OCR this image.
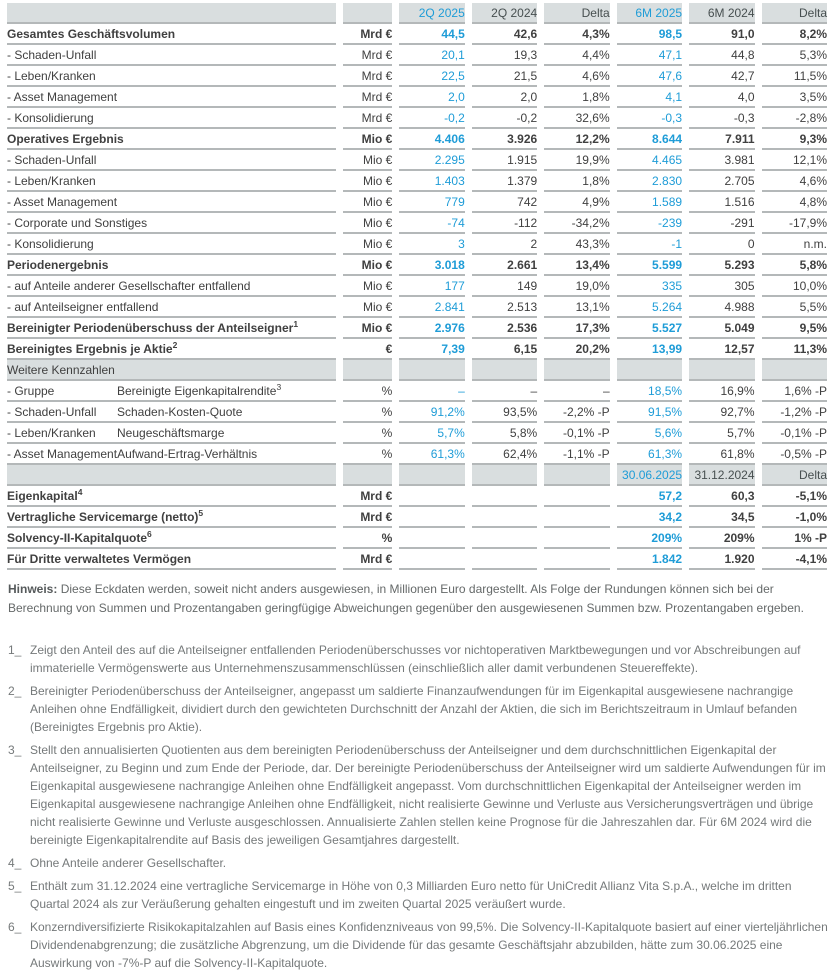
		2Q 2025	2Q 2024	Delta	6M 2025	6M 2024	Delta
Gesamtes Geschäftsvolumen	Mrd €	44,5	42,6	4,3%	98,5	91,0	8,2%
- Schaden-Unfall	Mrd €	20,1	19,3	4,4%	47,1	44,8	5,3%
- Leben/Kranken	Mrd €	22,5	21,5	4,6%	47,6	42,7	11,5%
- Asset Management	Mrd €	2,0	2,0	1,8%	4,1	4,0	3,5%
- Konsolidierung	Mrd €	-0,2	-0,2	32,6%	-0,3	-0,3	-2,8%
Operatives Ergebnis	Mio €	4.406	3.926	12,2%	8.644	7.911	9,3%
- Schaden-Unfall	Mio €	2.295	1.915	19,9%	4.465	3.981	12,1%
- Leben/Kranken	Mio €	1.403	1.379	1,8%	2.830	2.705	4,6%
- Asset Management	Mio €	779	742	4,9%	1.589	1.516	4,8%
- Corporate und Sonstiges	Mio €	-74	-112	-34,2%	-239	-291	-17,9%
- Konsolidierung	Mio €	3	2	43,3%	-1	0	n.m.
Periodenergebnis	Mio €	3.018	2.661	13,4%	5.599	5.293	5,8%
- auf Anteile anderer Gesellschafter entfallend	Mio €	177	149	19,0%	335	305	10,0%
- auf Anteilseigner entfallend	Mio €	2.841	2.513	13,1%	5.264	4.988	5,5%
Bereinigter Periodenüberschuss der Anteilseigner$^1$	Mio €	2.976	2.536	17,3%	5.527	5.049	9,5%
Bereinigtes Ergebnis je Aktie$^2$	€	7,39	6,15	20,2%	13,99	12,57	11,3%
Weitere Kennzahlen							
- Gruppe Bereinigte Eigenkapitalrendite$^3$	%	–	–	–	18,5%	16,9%	1,6% -P
- Schaden-Unfall Schaden-Kosten-Quote	%	91,2%	93,5%	-2,2% -P	91,5%	92,7%	-1,2% -P
- Leben/Kranken Neugeschäftsmarge	%	5,7%	5,8%	-0,1% -P	5,6%	5,7%	-0,1% -P
- Asset ManagementAufwand-Ertrag-Verhältnis	%	61,3%	62,4%	-1,1% -P	61,3%	61,8%	-0,5% -P
					30.06.2025	31.12.2024	Delta
Eigenkapital$^4$	Mrd €				57,2	60,3	-5,1%
Vertragliche Servicemarge (netto)$^5$	Mrd €				34,2	34,5	-1,0%
Solvency-II-Kapitalquote$^6$	%				209%	209%	1% -P
Für Dritte verwaltetes Vermögen	Mrd €				1.842	1.920	-4,1%

Hinweis: Diese Eckdaten werden, soweit nicht anders ausgewiesen, in Millionen Euro dargestellt. Als Folge der Rundungen können sich bei der Berechnung von Summen und Prozentangaben geringfügige Abweichungen gegenüber den ausgewiesenen Summen bzw. Prozentangaben ergeben.

1_ Zeigt den Anteil des auf die Anteilseigner entfallenden Periodenüberschusses vor nichtoperativen Marktbewegungen und vor Abschreibungen auf immaterielle Vermögenswerte aus Unternehmenszusammenschlüssen (einschließlich aller damit verbundenen Steuereffekte).
2_ Bereinigter Periodenüberschuss der Anteilseigner, angepasst um saldierte Finanzaufwendungen für im Eigenkapital ausgewiesene nachrangige Anleihen ohne Endfälligkeit, dividiert durch den gewichteten Durchschnitt der Anzahl der Aktien, die sich im Berichtszeitraum in Umlauf befanden (Bereinigtes Ergebnis pro Aktie).
3_ Stellt den annualisierten Quotienten aus dem bereinigten Periodenüberschuss der Anteilseigner und dem durchschnittlichen Eigenkapital der Anteilseigner, zu Beginn und zum Ende der Periode, dar. Der bereinigte Periodenüberschuss der Anteilseigner wird um saldierte Aufwendungen für im Eigenkapital ausgewiesene nachrangige Anleihen ohne Endfälligkeit angepasst. Vom durchschnittlichen Eigenkapital der Anteilseigner werden im Eigenkapital ausgewiesene nachrangige Anleihen ohne Endfälligkeit, nicht realisierte Gewinne und Verluste aus Versicherungsverträgen und übrige nicht realisierte Gewinne und Verluste ausgeschlossen. Annualisierte Zahlen stellen keine Prognose für die Jahreszahlen dar. Für 6M 2024 wird die bereinigte Eigenkapitalrendite auf Basis des jeweiligen Gesamtjahres dargestellt.
4_ Ohne Anteile anderer Gesellschafter.
5_ Enthält zum 31.12.2024 eine vertragliche Servicemarge in Höhe von 0,3 Milliarden Euro netto für UniCredit Allianz Vita S.p.A., welche im dritten Quartal 2024 als zur Veräußerung gehalten eingestuft und im zweiten Quartal 2025 veräußert wurde.
6_ Konzerndiversifizierte Risikokapitalzahlen auf Basis eines Konfidenzniveaus von 99,5%. Die Solvency-II-Kapitalquote basiert auf einer vierteljährlichen Dividendenabgrenzung; die zusätzliche Abgrenzung, um die Dividende für das gesamte Geschäftsjahr abzubilden, hätte zum 30.06.2025 eine Auswirkung von -7%-P auf die Solvency-II-Kapitalquote.
